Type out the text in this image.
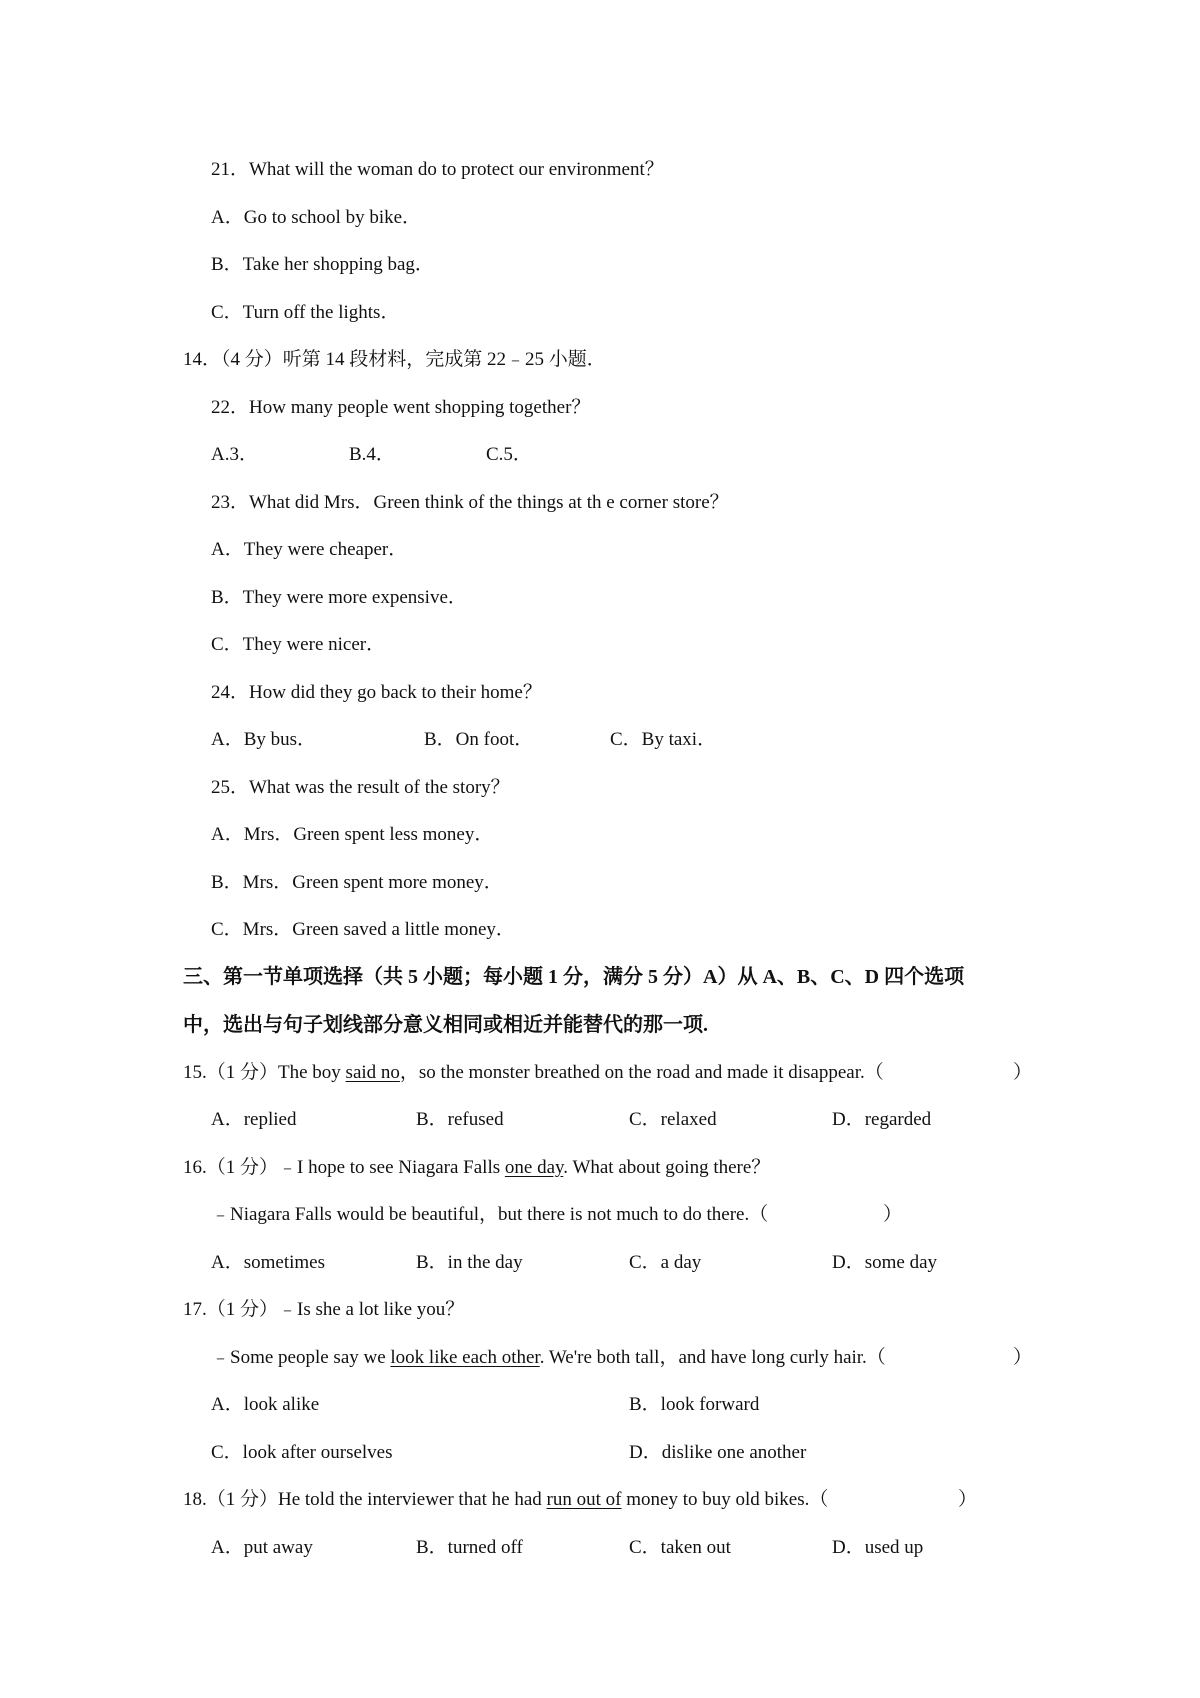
21．What will the woman do to protect our environment？
A．Go to school by bike．
B．Take her shopping bag．
C．Turn off the lights．
14．（4 分）听第 14 段材料，完成第 22﹣25 小题．
22．How many people went shopping together？
A.3．	B.4．	C.5．
23．What did Mrs．Green think of the things at th e corner store？
A．They were cheaper．
B．They were more expensive．
C．They were nicer．
24．How did they go back to their home？
A．By bus．	B．On foot．	C．By taxi．
25．What was the result of the story？
A．Mrs．Green spent less money．
B．Mrs．Green spent more money．
C．Mrs．Green saved a little money．
三、第一节单项选择（共 5 小题；每小题 1 分，满分 5 分）A）从 A、B、C、D 四个选项
中，选出与句子划线部分意义相同或相近并能替代的那一项.
15.（1 分）The boy said no，so the monster breathed on the road and made it disappear.（	）
A．replied	B．refused	C．relaxed	D．regarded
16.（1 分）﹣I hope to see Niagara Falls one day. What about going there？
﹣Niagara Falls would be beautiful，but there is not much to do there.（	）
A．sometimes	B．in the day	C．a day	D．some day
17.（1 分）﹣Is she a lot like you？
﹣Some people say we look like each other. We're both tall，and have long curly hair.（	）
A．look alike	B．look forward
C．look after ourselves	D．dislike one another
18.（1 分）He told the interviewer that he had run out of money to buy old bikes.（	）
A．put away	B．turned off	C．taken out	D．used up
